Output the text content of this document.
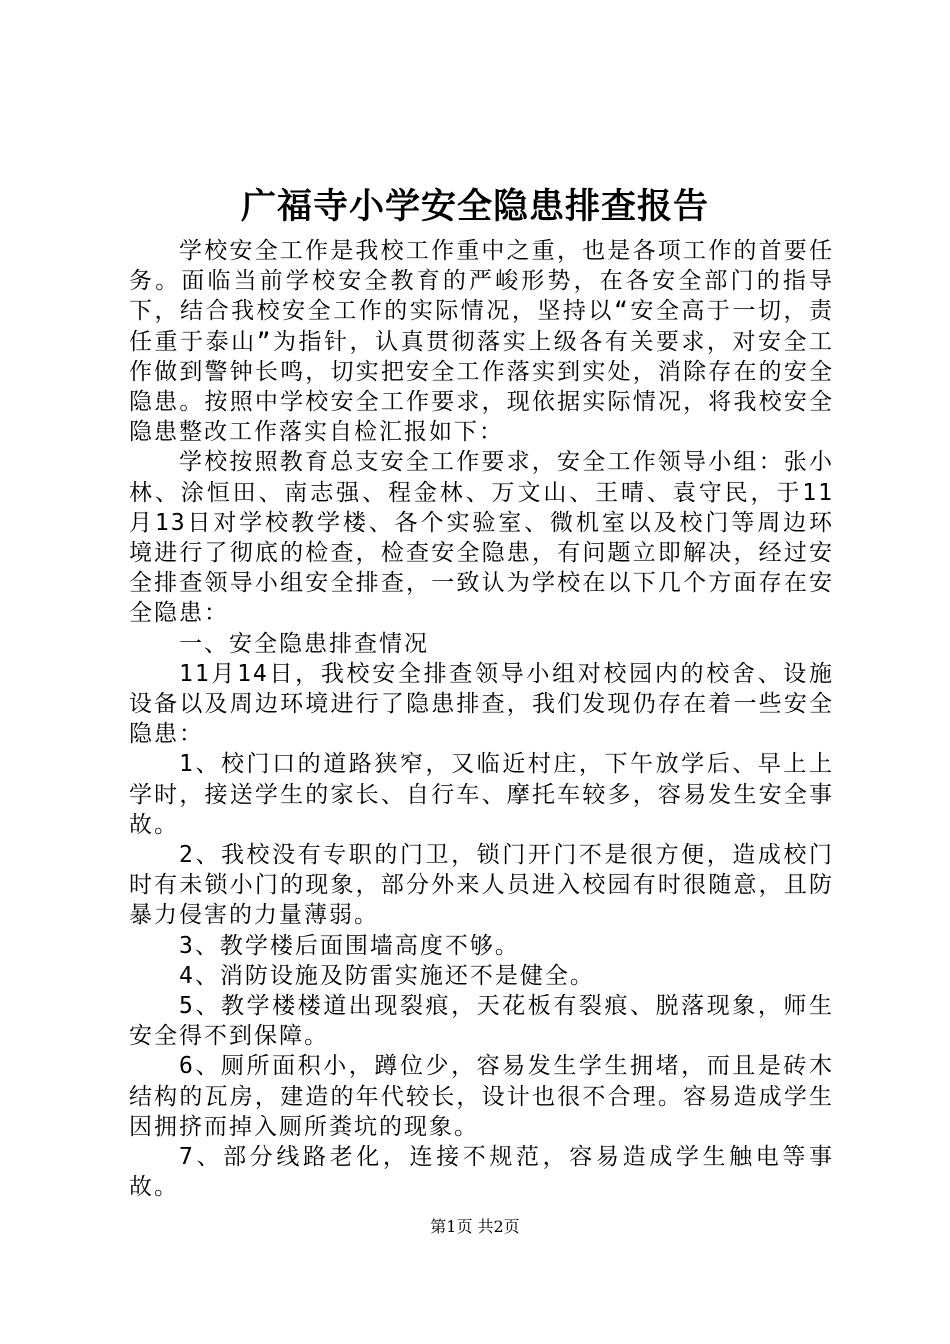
广福寺小学安全隐患排查报告

学校安全工作是我校工作重中之重，也是各项工作的首要任务。面临当前学校安全教育的严峻形势，在各安全部门的指导下，结合我校安全工作的实际情况，坚持以“安全高于一切，责任重于泰山”为指针，认真贯彻落实上级各有关要求，对安全工作做到警钟长鸣，切实把安全工作落实到实处，消除存在的安全隐患。按照中学校安全工作要求，现依据实际情况，将我校安全隐患整改工作落实自检汇报如下：

学校按照教育总支安全工作要求，安全工作领导小组：张小林、涂恒田、南志强、程金林、万文山、王晴、袁守民，于11月13日对学校教学楼、各个实验室、微机室以及校门等周边环境进行了彻底的检查，检查安全隐患，有问题立即解决，经过安全排查领导小组安全排查，一致认为学校在以下几个方面存在安全隐患：

一、安全隐患排查情况

11月14日，我校安全排查领导小组对校园内的校舍、设施设备以及周边环境进行了隐患排查，我们发现仍存在着一些安全隐患：

1、校门口的道路狭窄，又临近村庄，下午放学后、早上上学时，接送学生的家长、自行车、摩托车较多，容易发生安全事故。

2、我校没有专职的门卫，锁门开门不是很方便，造成校门时有未锁小门的现象，部分外来人员进入校园有时很随意，且防暴力侵害的力量薄弱。

3、教学楼后面围墙高度不够。

4、消防设施及防雷实施还不是健全。

5、教学楼楼道出现裂痕，天花板有裂痕、脱落现象，师生安全得不到保障。

6、厕所面积小，蹲位少，容易发生学生拥堵，而且是砖木结构的瓦房，建造的年代较长，设计也很不合理。容易造成学生因拥挤而掉入厕所粪坑的现象。

7、部分线路老化，连接不规范，容易造成学生触电等事故。

第1页 共2页
